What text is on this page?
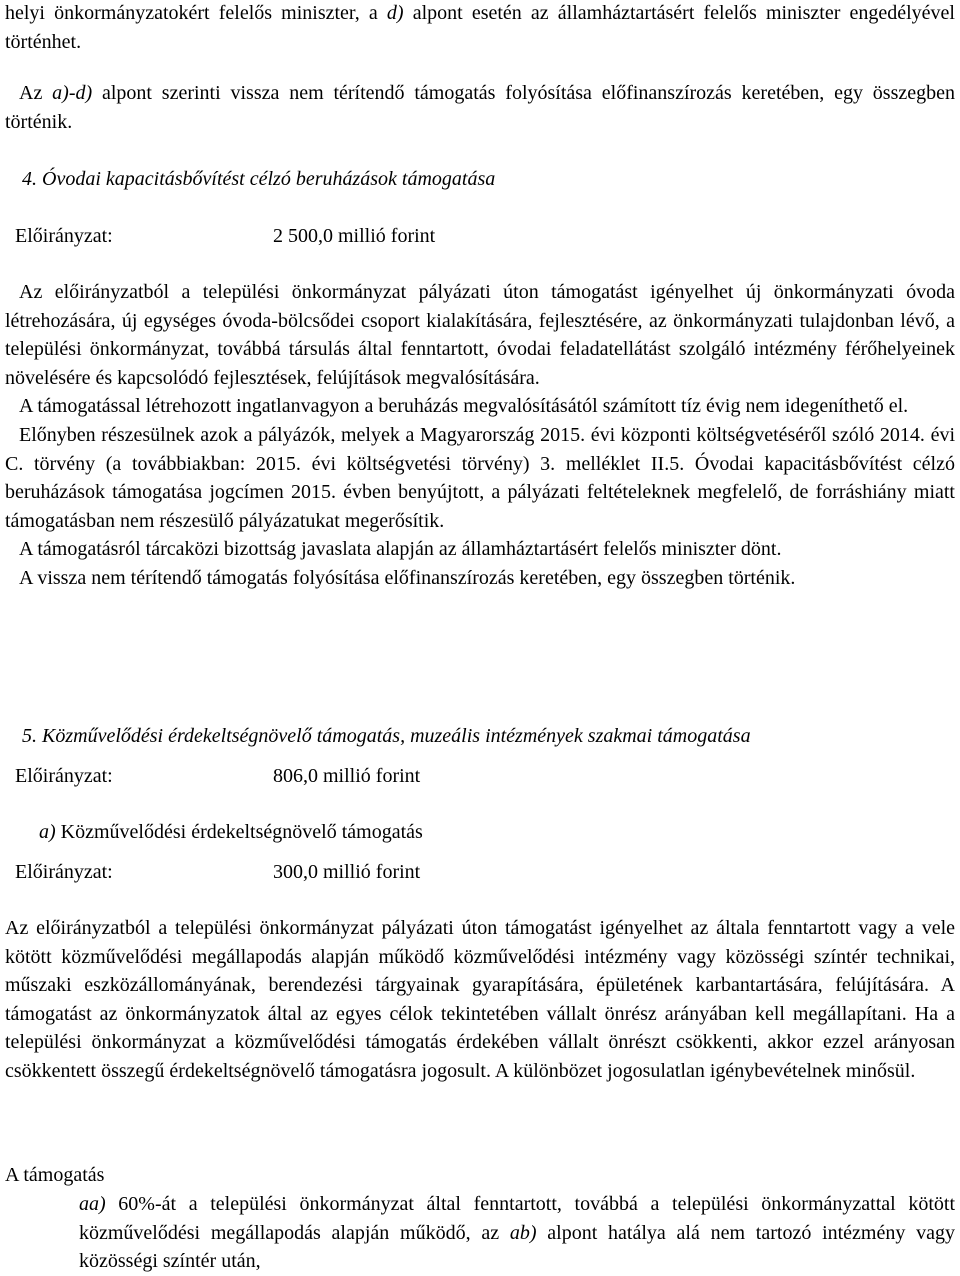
helyi önkormányzatokért felelős miniszter, a d) alpont esetén az államháztartásért felelős miniszter engedélyével történhet.

Az a)-d) alpont szerinti vissza nem térítendő támogatás folyósítása előfinanszírozás keretében, egy összegben történik.

4. Óvodai kapacitásbővítést célzó beruházások támogatása
Előirányzat:	2 500,0 millió forint

Az előirányzatból a települési önkormányzat pályázati úton támogatást igényelhet új önkormányzati óvoda létrehozására, új egységes óvoda-bölcsődei csoport kialakítására, fejlesztésére, az önkormányzati tulajdonban lévő, a települési önkormányzat, továbbá társulás által fenntartott, óvodai feladatellátást szolgáló intézmény férőhelyeinek növelésére és kapcsolódó fejlesztések, felújítások megvalósítására.

A támogatással létrehozott ingatlanvagyon a beruházás megvalósításától számított tíz évig nem idegeníthető el.

Előnyben részesülnek azok a pályázók, melyek a Magyarország 2015. évi központi költségvetéséről szóló 2014. évi C. törvény (a továbbiakban: 2015. évi költségvetési törvény) 3. melléklet II.5. Óvodai kapacitásbővítést célzó beruházások támogatása jogcímen 2015. évben benyújtott, a pályázati feltételeknek megfelelő, de forráshiány miatt támogatásban nem részesülő pályázatukat megerősítik.

A támogatásról tárcaközi bizottság javaslata alapján az államháztartásért felelős miniszter dönt.

A vissza nem térítendő támogatás folyósítása előfinanszírozás keretében, egy összegben történik.

5. Közművelődési érdekeltségnövelő támogatás, muzeális intézmények szakmai támogatása
Előirányzat:	806,0 millió forint
a) Közművelődési érdekeltségnövelő támogatás
Előirányzat:	300,0 millió forint

Az előirányzatból a települési önkormányzat pályázati úton támogatást igényelhet az általa fenntartott vagy a vele kötött közművelődési megállapodás alapján működő közművelődési intézmény vagy közösségi színtér technikai, műszaki eszközállományának, berendezési tárgyainak gyarapítására, épületének karbantartására, felújítására. A támogatást az önkormányzatok által az egyes célok tekintetében vállalt önrész arányában kell megállapítani. Ha a települési önkormányzat a közművelődési támogatás érdekében vállalt önrészt csökkenti, akkor ezzel arányosan csökkentett összegű érdekeltségnövelő támogatásra jogosult. A különbözet jogosulatlan igénybevételnek minősül.

A támogatás

aa) 60%-át a települési önkormányzat által fenntartott, továbbá a települési önkormányzattal kötött közművelődési megállapodás alapján működő, az ab) alpont hatálya alá nem tartozó intézmény vagy közösségi színtér után,
